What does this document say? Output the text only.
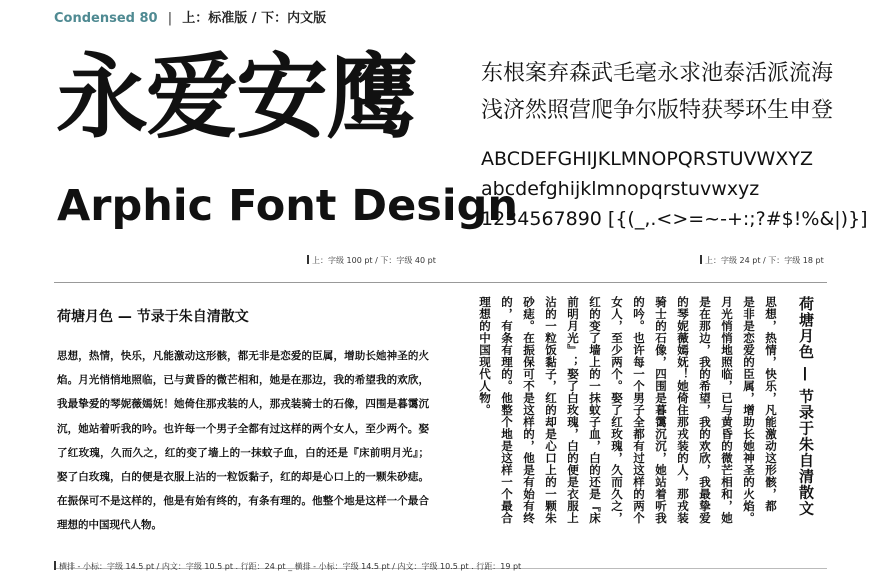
Condensed 80 | 上：标准版 / 下：内文版
永爱安鹰
Arphic Font Design
东根案弃森武毛毫永求池泰活派流海
浅济然照营爬争尔版特获琴环生申登
ABCDEFGHIJKLMNOPQRSTUVWXYZ
abcdefghijklmnopqrstuvwxyz
1234567890 [{(_,.<>=~-+:;?#$!%&|)}]
上：字级 100 pt / 下：字级 40 pt	上：字级 24 pt / 下：字级 18 pt
荷塘月色 — 节录于朱自清散文
思想，热情，快乐，凡能激动这形骸，都无非是恋爱的臣属，增助长她神圣的火焰。月光悄悄地照临，已与黄昏的微芒相和，她是在那边，我的希望我的欢欣，我最挚爱的琴妮薇嫣妩！她倚住那戎装的人，那戎装骑士的石像，四围是暮霭沉沉，她站着听我的吟。也许每一个男子全都有过这样的两个女人，至少两个。娶了红玫瑰，久而久之，红的变了墙上的一抹蚊子血，白的还是『床前明月光』；娶了白玫瑰，白的便是衣服上沾的一粒饭黏子，红的却是心口上的一颗朱砂痣。在振保可不是这样的，他是有始有终的，有条有理的。他整个地是这样一个最合理想的中国现代人物。
荷塘月色 — 节录于朱自清散文
思想，热情，快乐，凡能激动这形骸，都
是非是恋爱的臣属，增助长她神圣的火焰。
月光悄悄地照临，已与黄昏的微芒相和，她
是在那边，我的希望，我的欢欣，我最挚爱
的琴妮薇嫣妩！她倚住那戎装的人，那戎装
骑士的石像，四围是暮霭沉沉，她站着听我
的吟。也许每一个男子全都有过这样的两个
女人，至少两个。娶了红玫瑰，久而久之，
红的变了墙上的一抹蚊子血，白的还是『床
前明月光』；娶了白玫瑰，白的便是衣服上
沾的一粒饭黏子，红的却是心口上的一颗朱
砂痣。在振保可不是这样的，他是有始有终
的，有条有理的。他整个地是这样一个最合
理想的中国现代人物。
横排 - 小标：字级 14.5 pt / 内文：字级 10.5 pt . 行距：24 pt _ 横排 - 小标：字级 14.5 pt / 内文：字级 10.5 pt . 行距：19 pt
